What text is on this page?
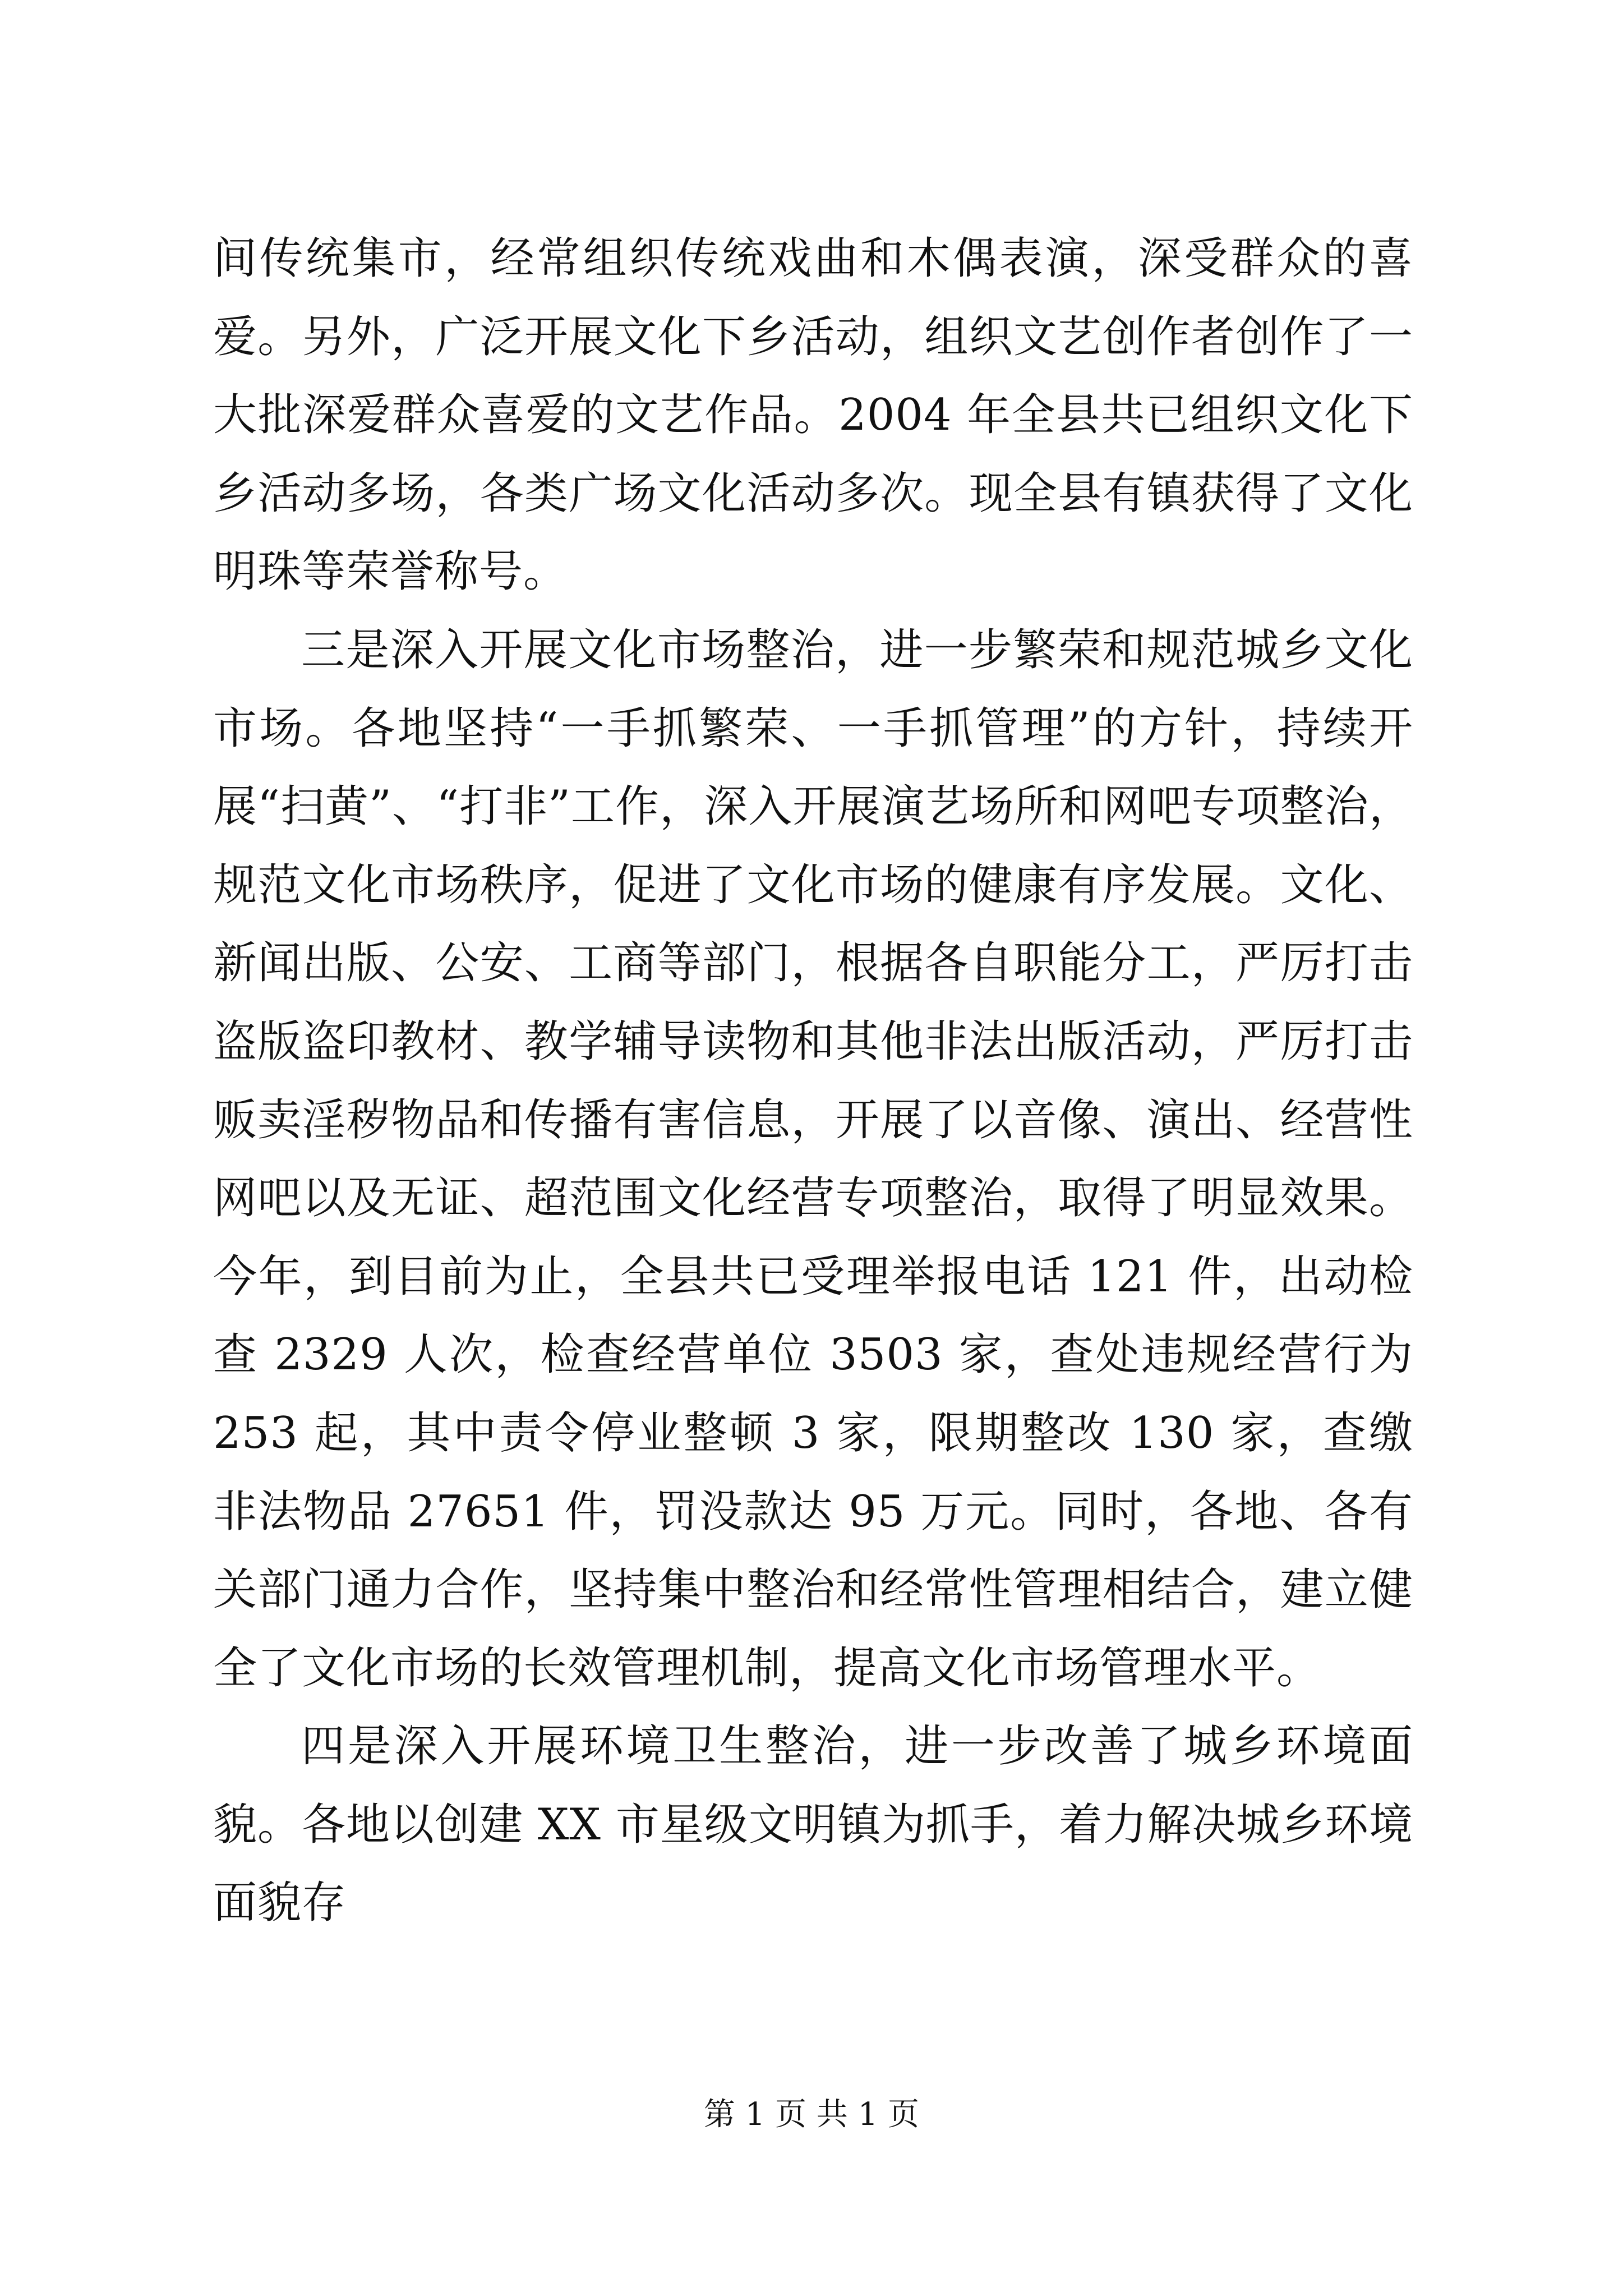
间传统集市，经常组织传统戏曲和木偶表演，深受群众的喜爱。另外，广泛开展文化下乡活动，组织文艺创作者创作了一大批深爱群众喜爱的文艺作品。2004 年全县共已组织文化下乡活动多场，各类广场文化活动多次。现全县有镇获得了文化明珠等荣誉称号。

三是深入开展文化市场整治，进一步繁荣和规范城乡文化市场。各地坚持“一手抓繁荣、一手抓管理”的方针，持续开展“扫黄”、“打非”工作，深入开展演艺场所和网吧专项整治，规范文化市场秩序，促进了文化市场的健康有序发展。文化、新闻出版、公安、工商等部门，根据各自职能分工，严厉打击盗版盗印教材、教学辅导读物和其他非法出版活动，严厉打击贩卖淫秽物品和传播有害信息，开展了以音像、演出、经营性网吧以及无证、超范围文化经营专项整治，取得了明显效果。今年，到目前为止，全县共已受理举报电话 121 件，出动检查 2329 人次，检查经营单位 3503 家，查处违规经营行为 253 起，其中责令停业整顿 3 家，限期整改 130 家，查缴非法物品 27651 件，罚没款达 95 万元。同时，各地、各有关部门通力合作，坚持集中整治和经常性管理相结合，建立健全了文化市场的长效管理机制，提高文化市场管理水平。

四是深入开展环境卫生整治，进一步改善了城乡环境面貌。各地以创建 XX 市星级文明镇为抓手，着力解决城乡环境面貌存

第 1 页 共 1 页
